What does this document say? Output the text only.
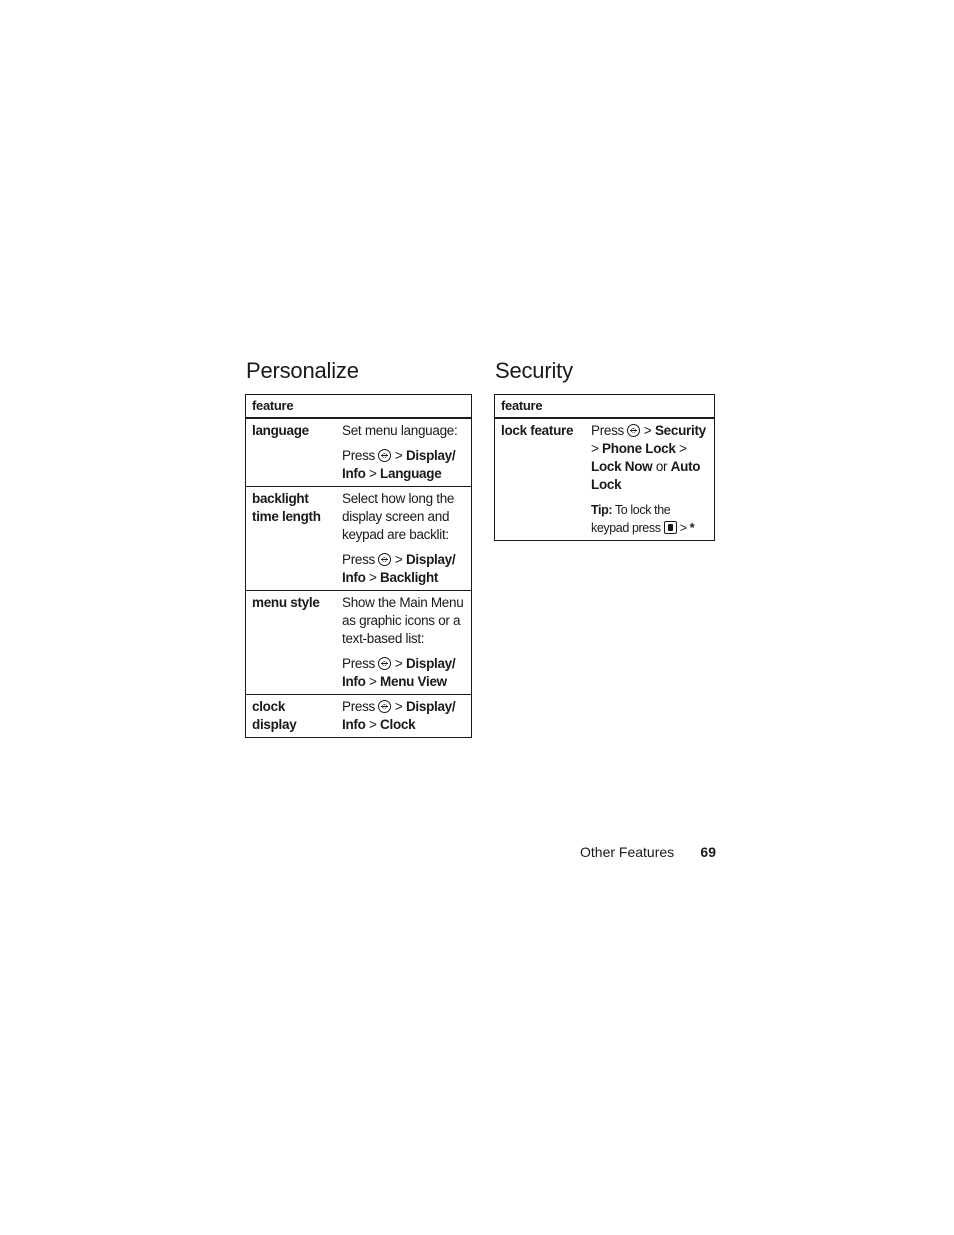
Personalize
feature	
language	Set menu language:

Press > Display/ Info > Language

backlight time length	Select how long the display screen and keypad are backlit:

Press > Display/ Info > Backlight

menu style	Show the Main Menu as graphic icons or a text-based list:

Press > Display/ Info > Menu View

clock display	Press > Display/ Info > Clock

Security
feature
lock feature	Press > Security > Phone Lock > Lock Now or Auto Lock

Tip: To lock the keypad press > *

Other Features 69
